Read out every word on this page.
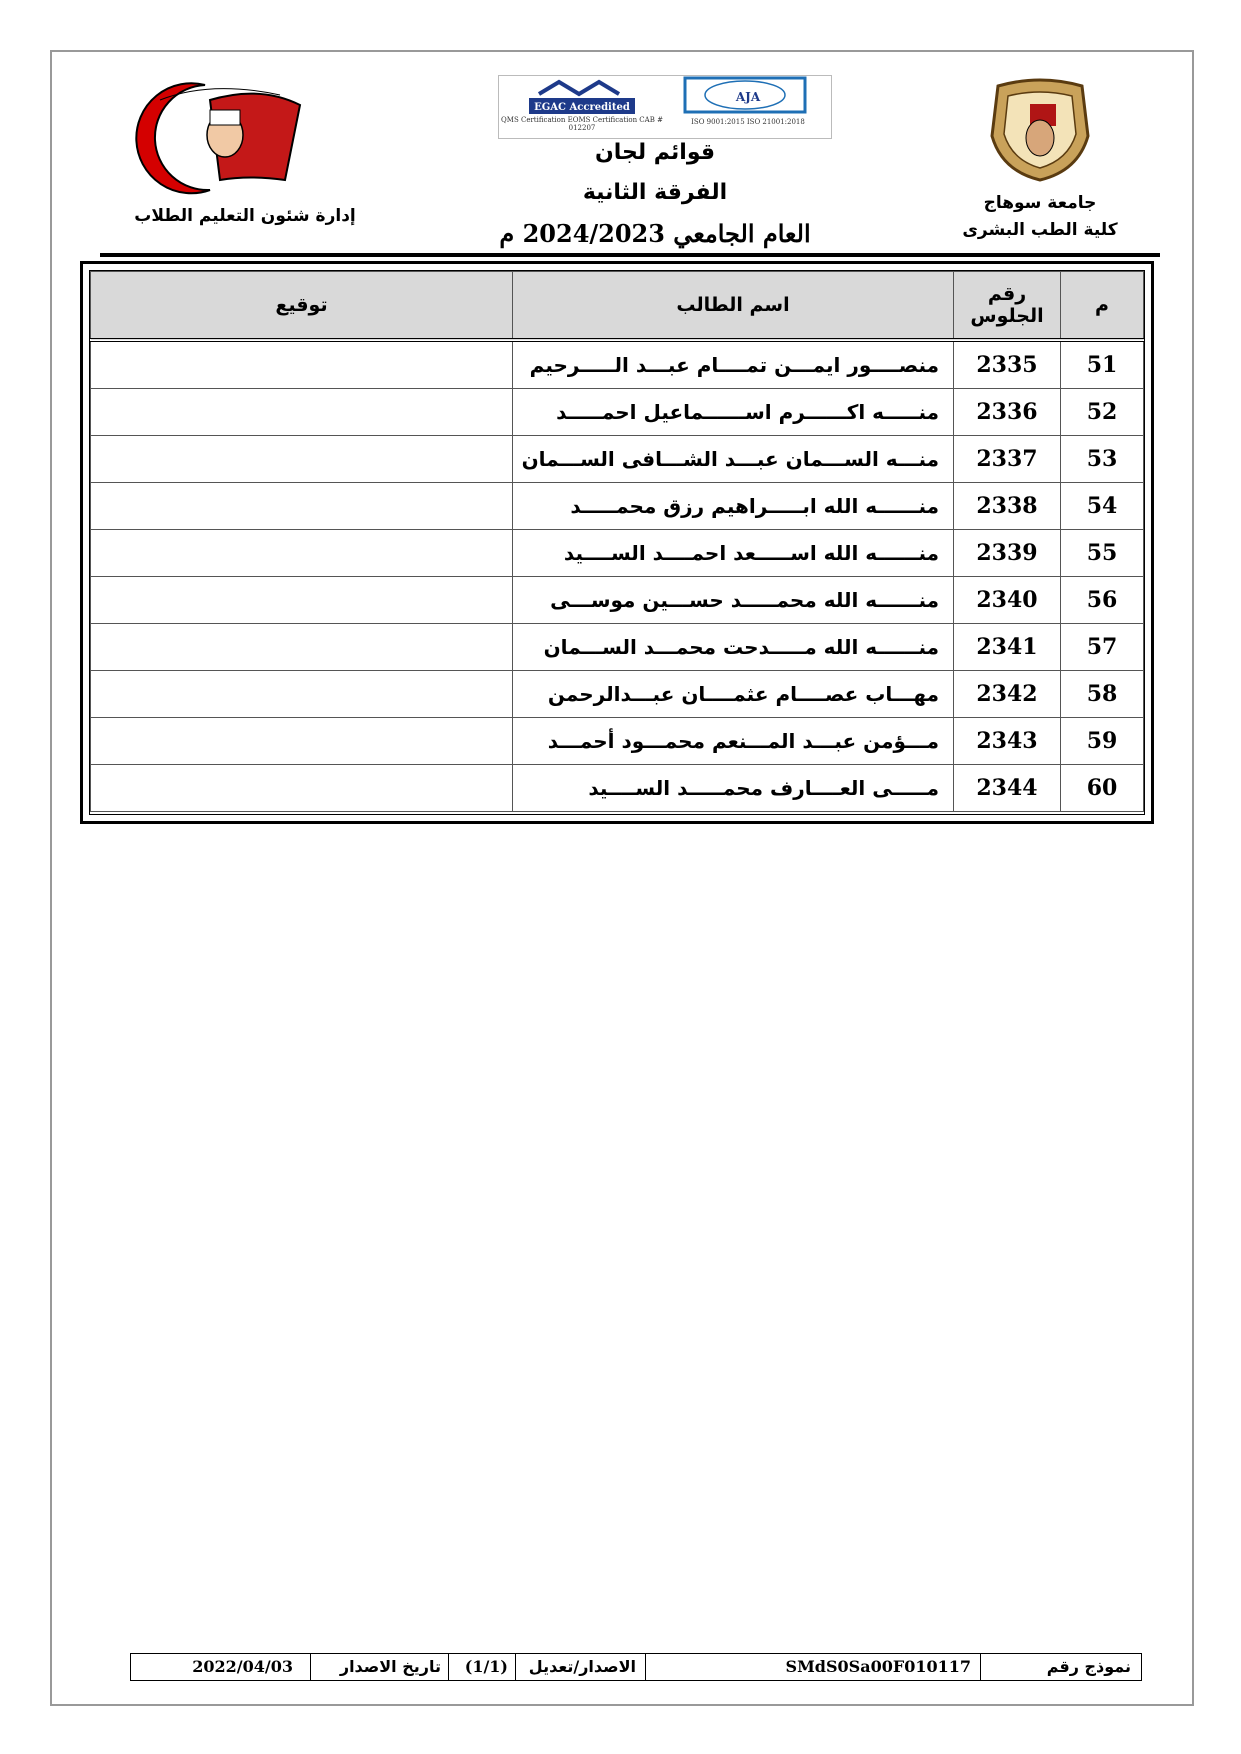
إدارة شئون التعليم الطلاب
EGAC Accredited
QMS Certification EOMS Certification CAB # 012207
AJA
ISO 9001:2015 ISO 21001:2018
قوائم لجان
الفرقة الثانية
العام الجامعي 2024/2023 م
جامعة سوهاج
كلية الطب البشرى
م	رقم الجلوس	اسم الطالب	توقيع
51	2335	منصــــور ايمـــن تمــــام عبـــد الـــــرحيم	
52	2336	منـــــه اكــــــرم اســــــماعيل احمـــــد	
53	2337	منـــه الســـمان عبـــد الشـــافى الســـمان	
54	2338	منــــــه الله ابـــــراهيم رزق محمـــــد	
55	2339	منــــــه الله اســـــعد احمــــد الســــيد	
56	2340	منــــــه الله محمـــــد حســـين موســـى	
57	2341	منــــــه الله مـــــدحت محمـــد الســـمان	
58	2342	مهـــاب عصــــام عثمــــان عبـــدالرحمن	
59	2343	مـــؤمن عبـــد المـــنعم محمـــود أحمـــد	
60	2344	مـــــى العــــارف محمـــــد الســــيد	
نموذج رقم
SMdS0Sa00F010117
الاصدار/تعديل
(1/1)
تاريخ الاصدار
2022/04/03
